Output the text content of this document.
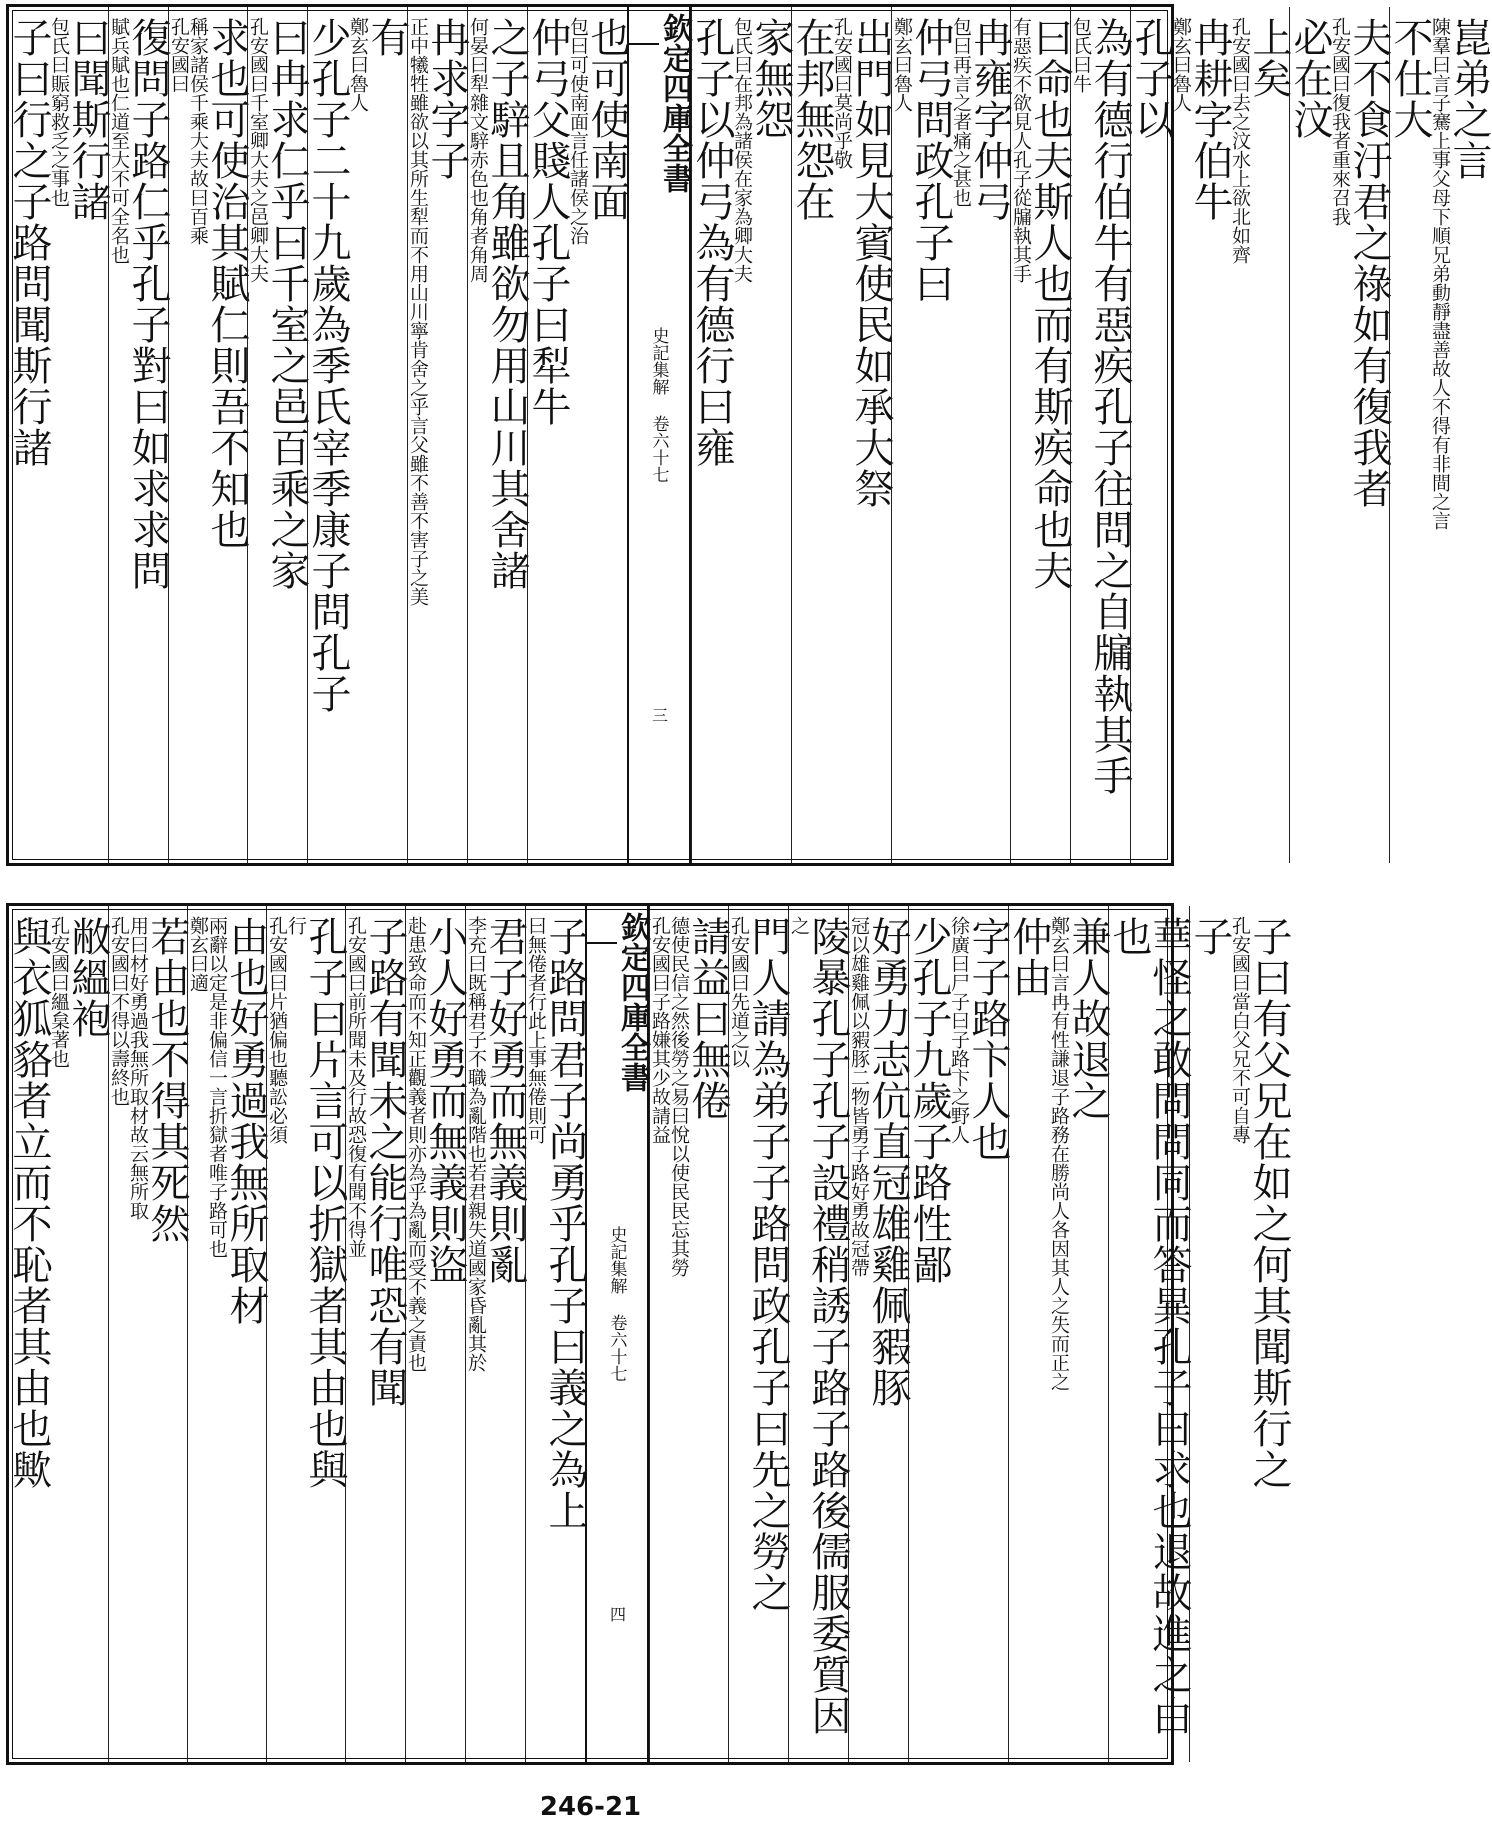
曰聞斯行諸
包氏曰賑窮救乏之事也
子曰行之子路問聞斯行諸 復問子路仁乎孔子對曰如求求問
賦兵賦也仁道至大不可全名也 求也可使治其賦仁則吾不知也
稱家諸侯千乘大夫故曰百乘
孔安國曰 曰冉求仁乎曰千室之邑百乘之家
孔安國曰千室卿大夫之邑卿大夫 有
鄭玄曰魯人
少孔子二十九歲為季氏宰季康子問孔子 冉求字子
正中犧牲雖欲以其所生犁而不用山川寧肯舍之乎言父雖不善不害子之美 之子騂且角雖欲勿用山川其舍諸
何晏曰犁雜文騂赤色也角者角周 也可使南面
包曰可使南面言任諸侯之治
仲弓父賤人孔子曰犁牛	欽定四庫全書
史記集解 卷六十七
三
家無怨
包氏曰在邦為諸侯在家為卿大夫
孔子以仲弓為有德行曰雍	出門如見大賓使民如承大祭
孔安國曰莫尚乎敬
在邦無怨在	冉雍字仲弓
包曰再言之者痛之甚也
仲弓問政孔子曰
鄭玄曰魯人	曰命也夫斯人也而有斯疾命也夫
有惡疾不欲見人孔子從牖執其手 為有德行伯牛有惡疾孔子往問之自牖執其手
包氏曰牛	上矣
孔安國曰去之汶水上欲北如齊
冉耕字伯牛
鄭玄曰魯人
孔子以	夫不食汙君之祿如有復我者
孔安國曰復我者重來召我
必在汶	崑弟之言
陳羣曰言子騫上事父母下順兄弟動靜盡善故人不得有非間之言
不仕大
敝縕袍
孔安國曰縕枲著也
與衣狐貉者立而不恥者其由也歟 若由也不得其死然
用曰材好勇過我無所取材故云無所取
孔安國曰不得以壽終也 由也好勇過我無所取材
兩辭以定是非偏信一言折獄者唯子路可也
鄭玄曰適 孔子曰片言可以折獄者其由也與
行
孔安國曰片猶偏也聽訟必須 子路有聞未之能行唯恐有聞
孔安國曰前所聞未及行故恐復有聞不得並 小人好勇而無義則盜
赴患致命而不知正觀義者則亦為乎為亂而受不義之責也 君子好勇而無義則亂
李充曰既稱君子不職為亂階也若君親失道國家昏亂其於 子路問君子尚勇乎孔子曰義之為上
曰無倦者行此上事無倦則可	欽定四庫全書
史記集解 卷六十七
四
請益曰無倦
德使民信之然後勞之易曰悅以使民民忘其勞
孔安國曰子路嫌其少故請益 門人請為弟子子路問政孔子曰先之勞之
孔安國曰先道之以 陵暴孔子孔子設禮稍誘子路子路後儒服委質因
之 好勇力志伉直冠雄雞佩豭豚
冠以雄雞佩以豭豚二物皆勇子路好勇故冠帶 字子路卞人也
徐廣曰尸子曰子路卞之野人
少孔子九歲子路性鄙	兼人故退之
鄭玄曰言冉有性謙退子路務在勝尚人各因其人之失而正之
仲由	華怪之敢問問同而答異孔子曰求也退故進之由也	子曰有父兄在如之何其聞斯行之
孔安國曰當白父兄不可自專
子
246-21
